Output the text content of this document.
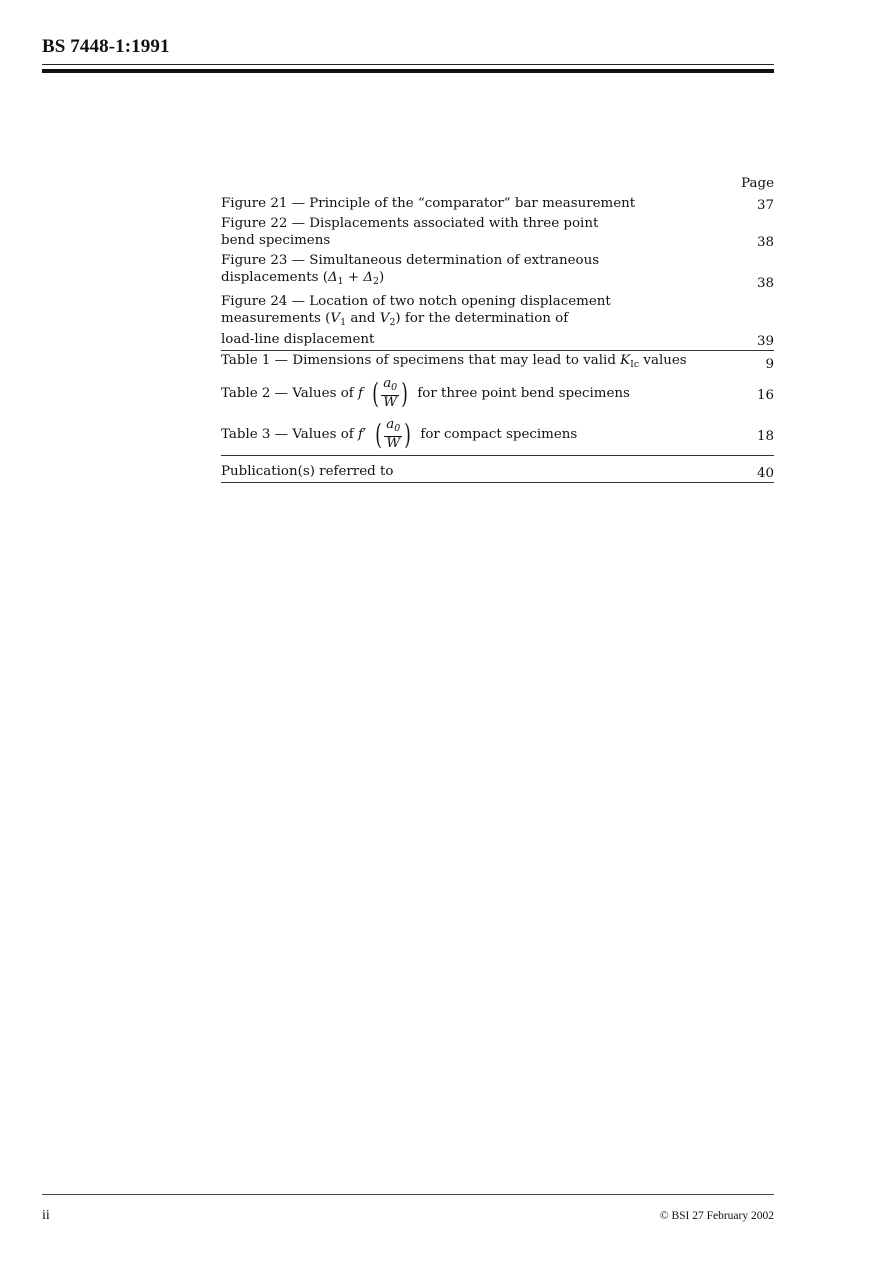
BS 7448-1:1991
Page
Figure 21 — Principle of the “comparator” bar measurement	37
Figure 22 — Displacements associated with three point
bend specimens	38
Figure 23 — Simultaneous determination of extraneous
displacements $(\Delta_1 + \Delta_2)$	38
Figure 24 — Location of two notch opening displacement
measurements ($V_1$ and $V_2$) for the determination of
load-line displacement	39
Table 1 — Dimensions of specimens that may lead to valid $K_{Ic}$ values	9
Table 2 — Values of f ( $\frac{a_0}{W}$ ) for three point bend specimens	16
Table 3 — Values of f′ ( $\frac{a_0}{W}$ ) for compact specimens	18
Publication(s) referred to	40
ii	© BSI 27 February 2002
